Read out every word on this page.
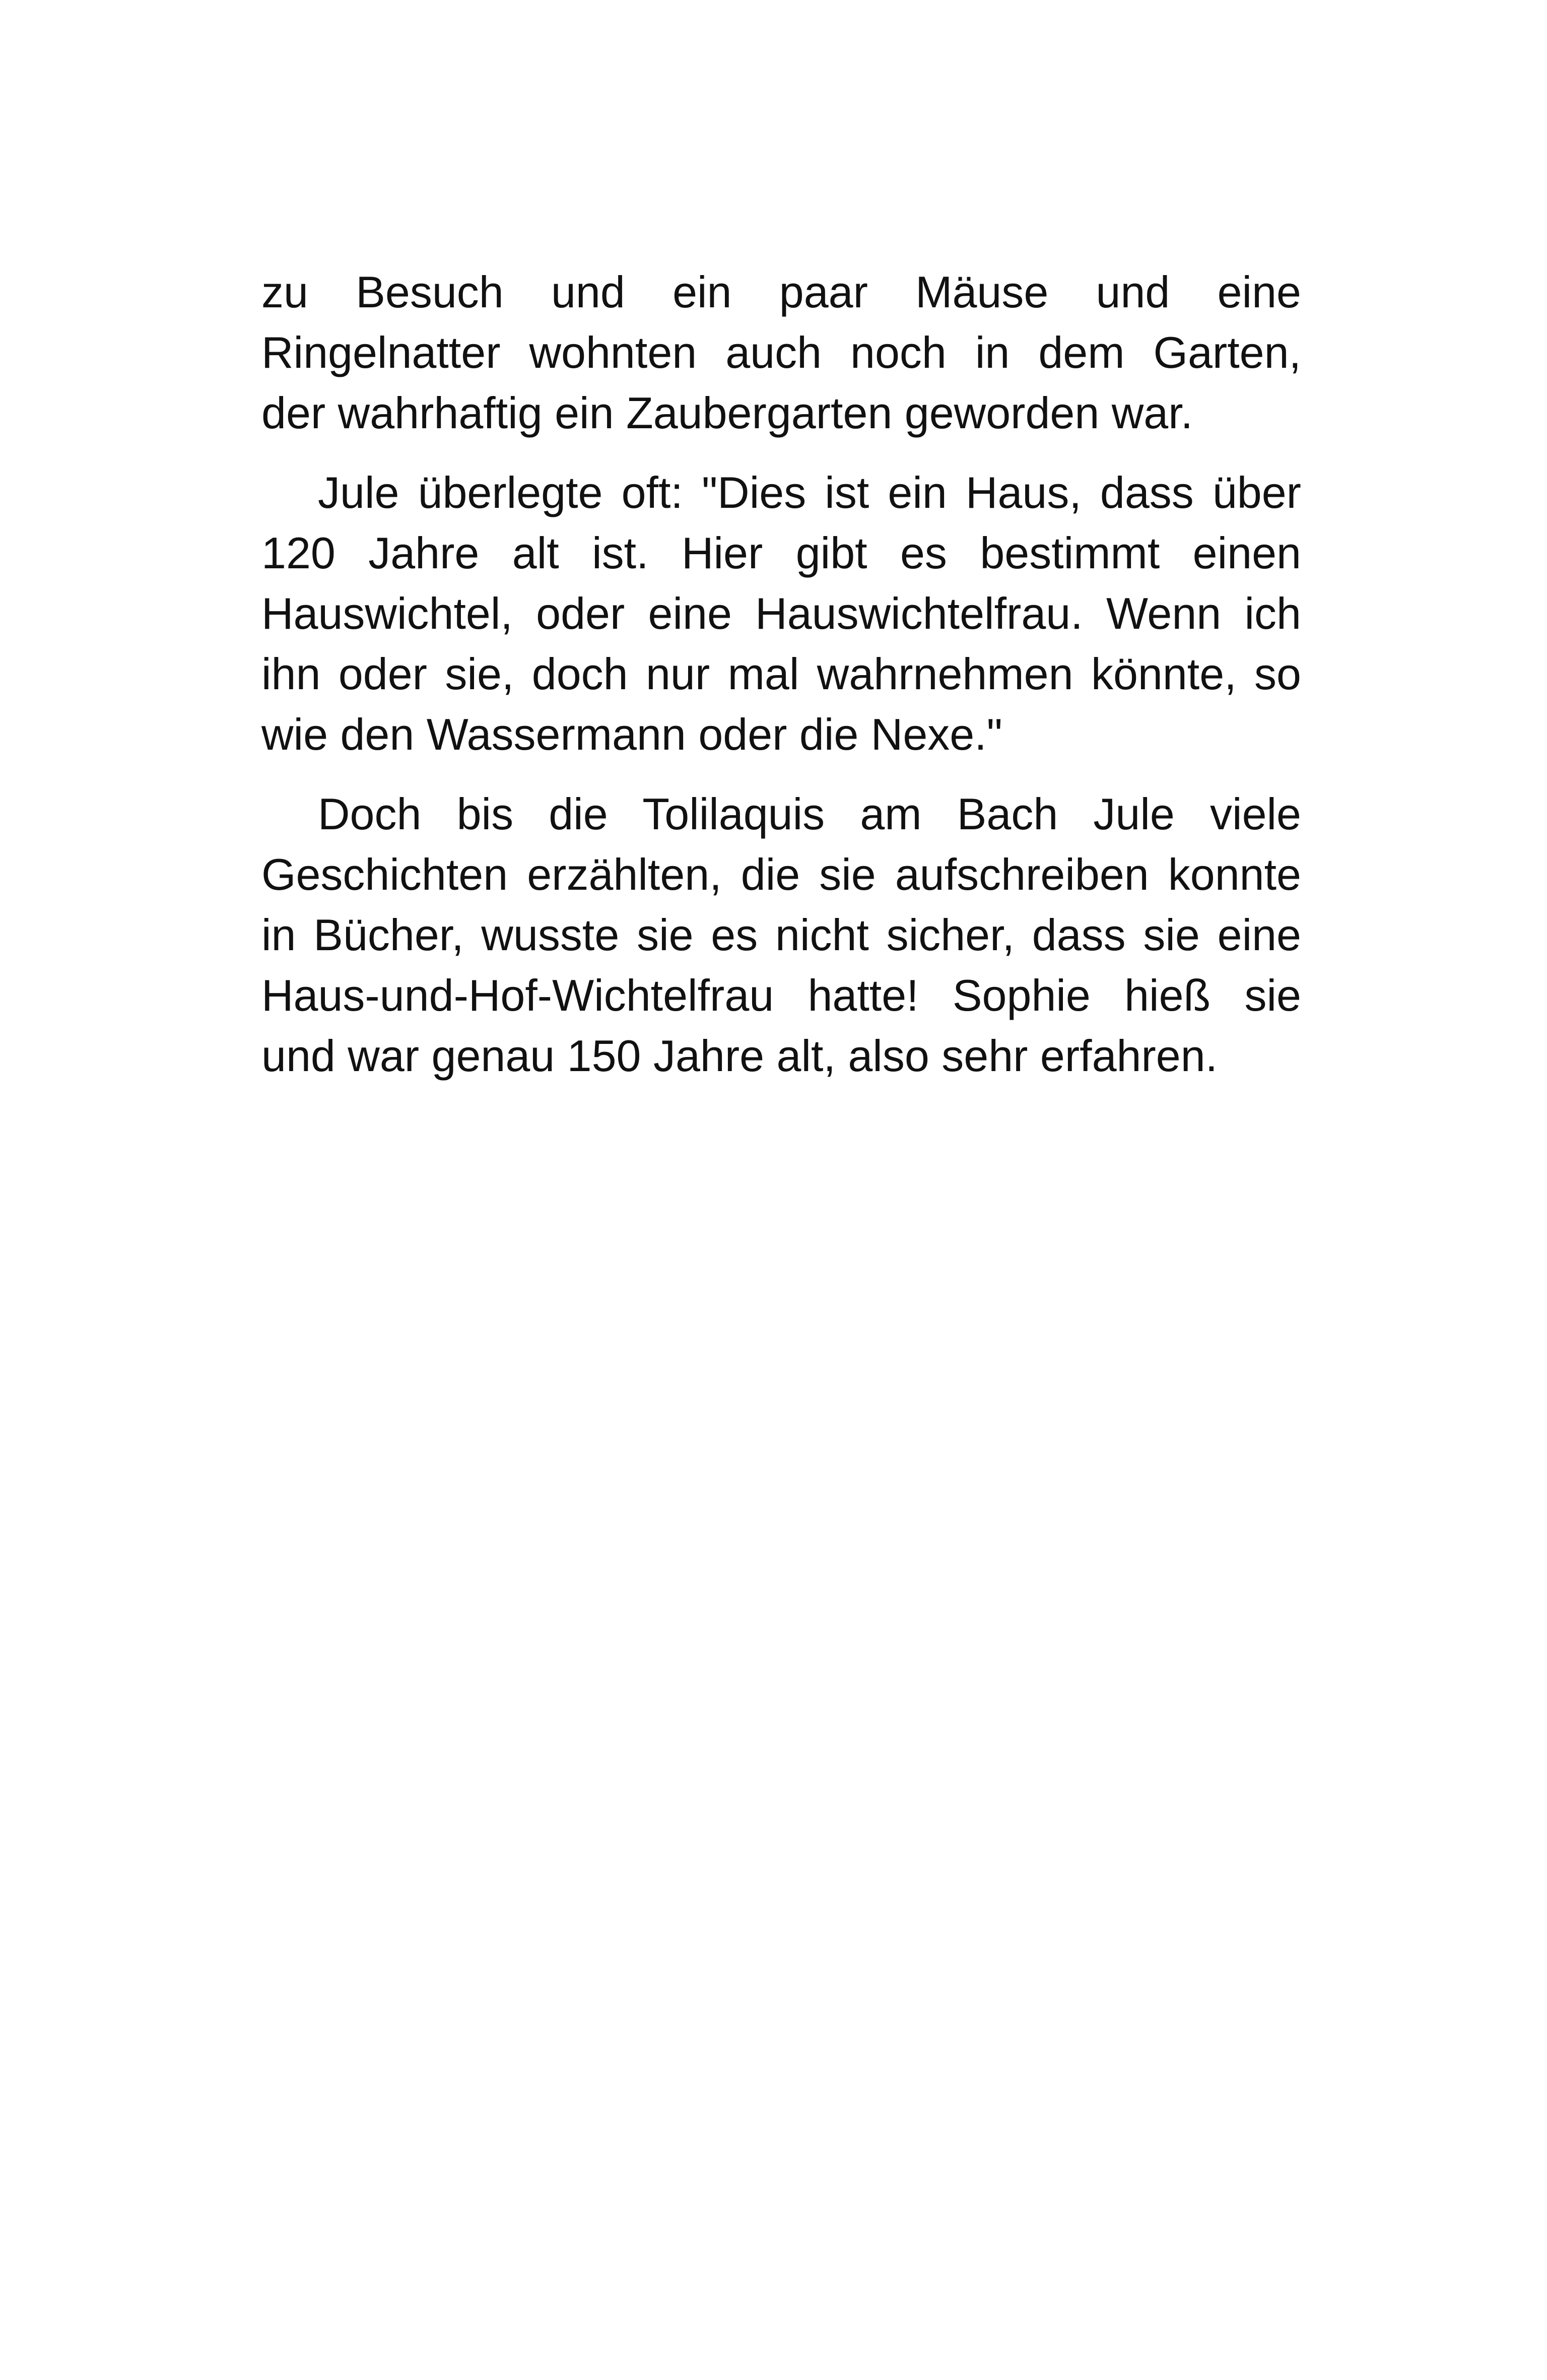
zu Besuch und ein paar Mäuse und eine
Ringelnatter wohnten auch noch in dem Garten,
der wahrhaftig ein Zaubergarten geworden war.
Jule überlegte oft: "Dies ist ein Haus, dass über
120 Jahre alt ist. Hier gibt es bestimmt einen
Hauswichtel, oder eine Hauswichtelfrau. Wenn ich
ihn oder sie, doch nur mal wahrnehmen könnte, so
wie den Wassermann oder die Nexe."
Doch bis die Tolilaquis am Bach Jule viele
Geschichten erzählten, die sie aufschreiben konnte
in Bücher, wusste sie es nicht sicher, dass sie eine
Haus-und-Hof-Wichtelfrau hatte! Sophie hieß sie
und war genau 150 Jahre alt, also sehr erfahren.
